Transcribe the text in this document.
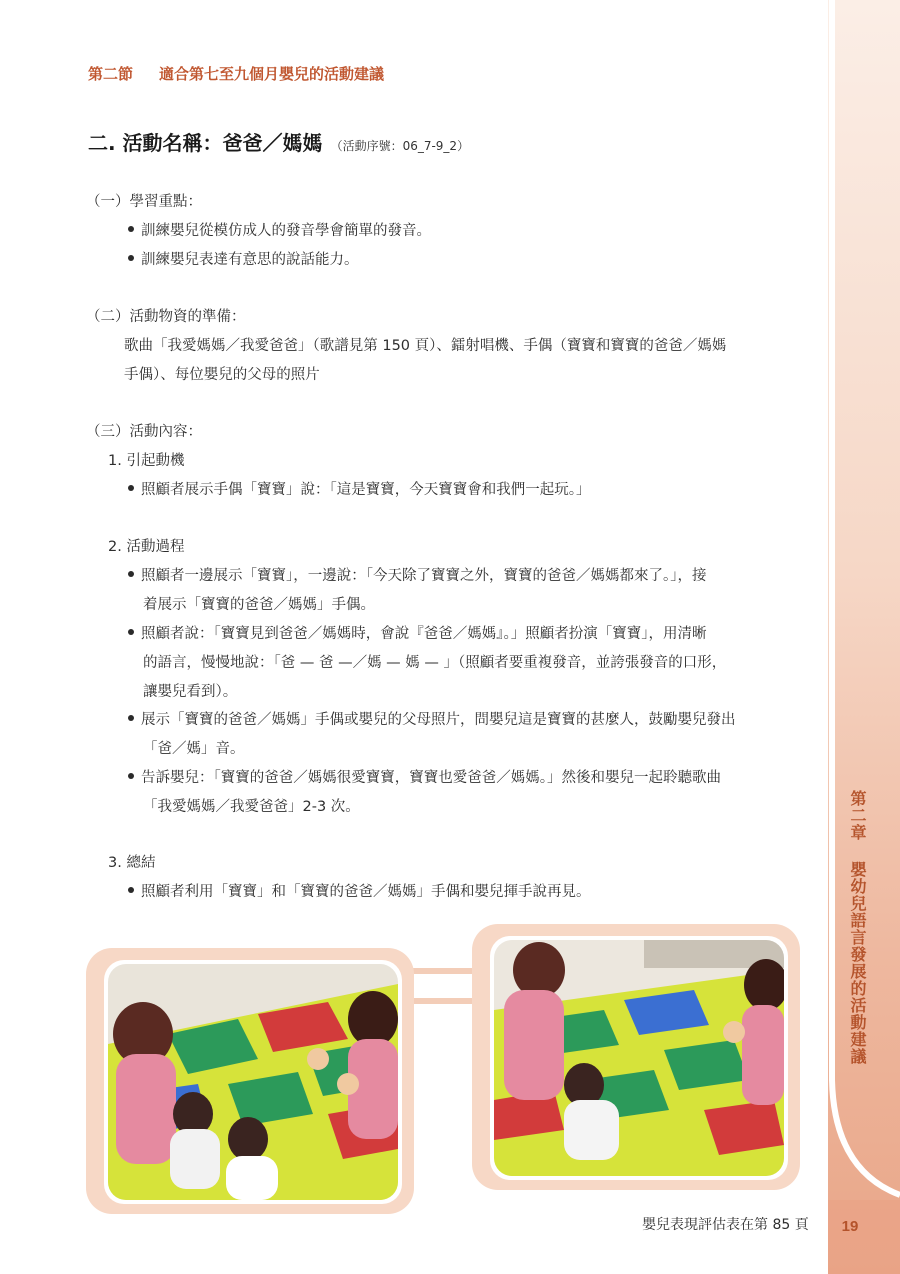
第二章 嬰幼兒語言發展的活動建議
19
第二節 適合第七至九個月嬰兒的活動建議
二. 活動名稱：爸爸／媽媽 （活動序號：06_7-9_2）
（一）學習重點：
訓練嬰兒從模仿成人的發音學會簡單的發音。
訓練嬰兒表達有意思的說話能力。
（二）活動物資的準備：
歌曲「我愛媽媽／我愛爸爸」（歌譜見第 150 頁）、鐳射唱機、手偶（寶寶和寶寶的爸爸／媽媽
手偶）、每位嬰兒的父母的照片
（三）活動內容：
1. 引起動機
照顧者展示手偶「寶寶」說：「這是寶寶，今天寶寶會和我們一起玩。」
2. 活動過程
照顧者一邊展示「寶寶」，一邊說：「今天除了寶寶之外，寶寶的爸爸／媽媽都來了。」，接
着展示「寶寶的爸爸／媽媽」手偶。
照顧者說：「寶寶見到爸爸／媽媽時，會說『爸爸／媽媽』。」照顧者扮演「寶寶」，用清晰
的語言，慢慢地說：「爸 — 爸 —／媽 — 媽 — 」（照顧者要重複發音，並誇張發音的口形，
讓嬰兒看到）。
展示「寶寶的爸爸／媽媽」手偶或嬰兒的父母照片，問嬰兒這是寶寶的甚麼人，鼓勵嬰兒發出
「爸／媽」音。
告訴嬰兒：「寶寶的爸爸／媽媽很愛寶寶，寶寶也愛爸爸／媽媽。」然後和嬰兒一起聆聽歌曲
「我愛媽媽／我愛爸爸」2-3 次。
3. 總結
照顧者利用「寶寶」和「寶寶的爸爸／媽媽」手偶和嬰兒揮手說再見。
嬰兒表現評估表在第 85 頁
